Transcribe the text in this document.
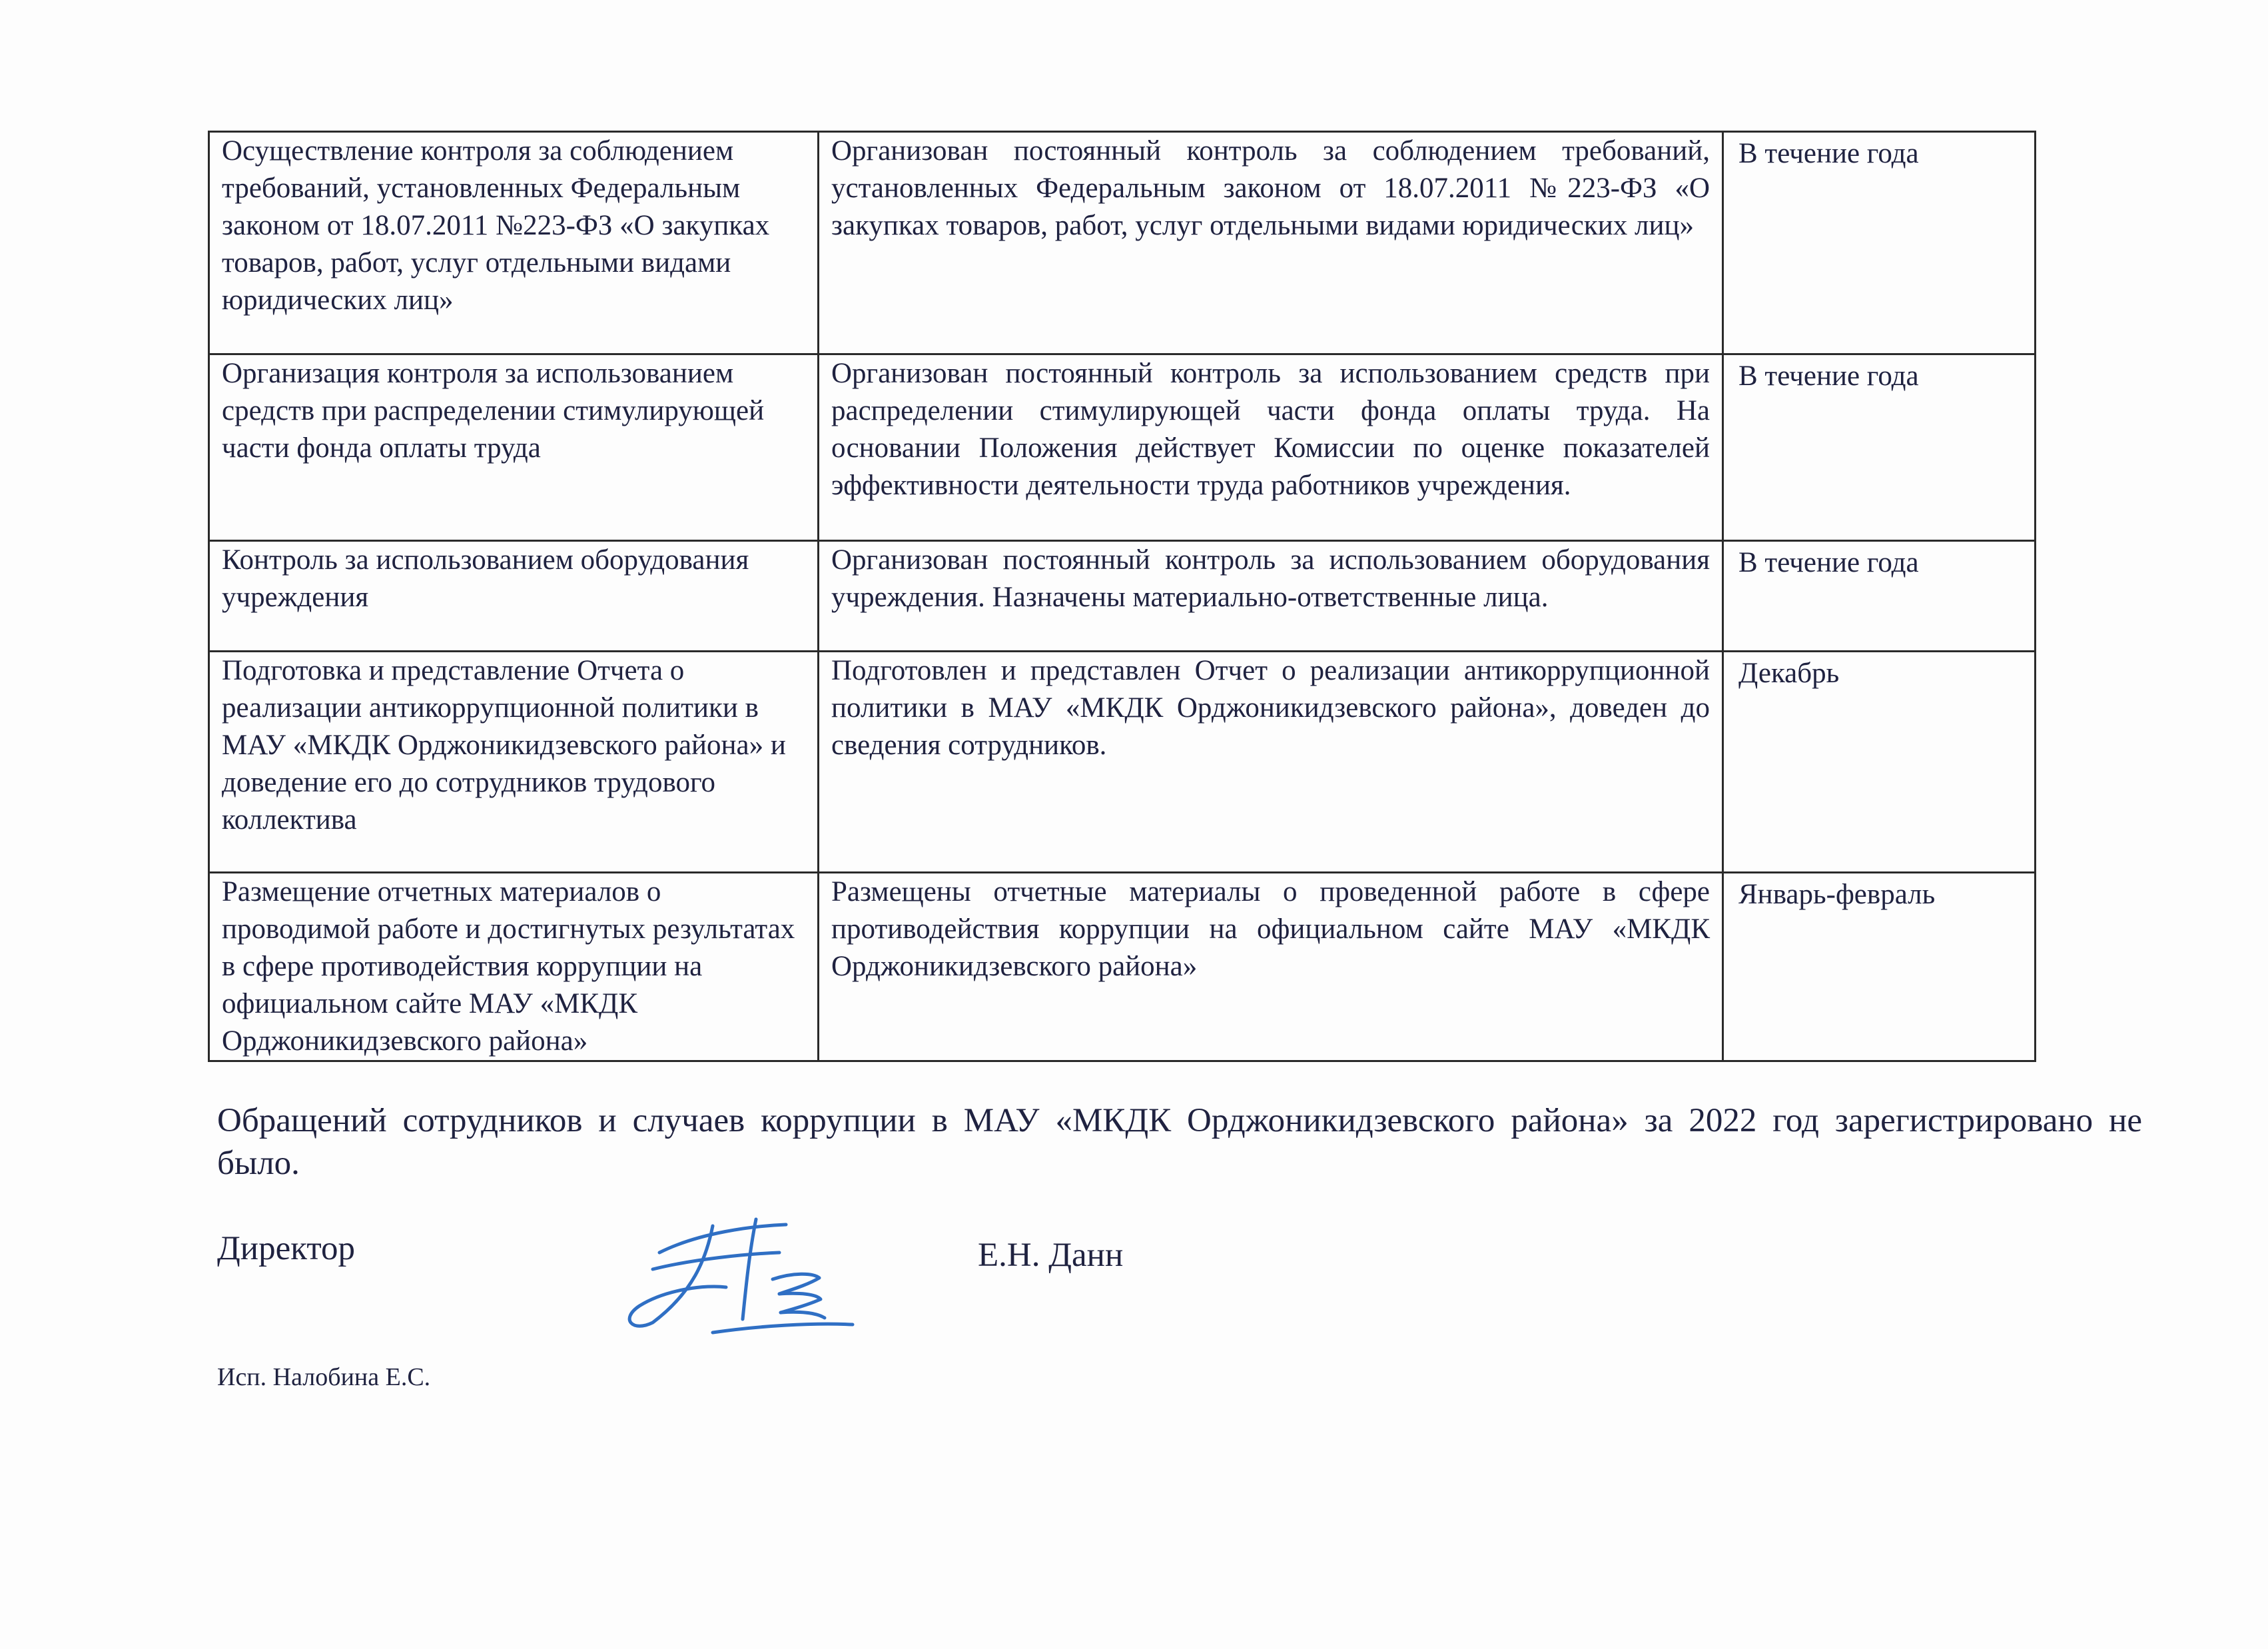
Осуществление контроля за соблюдением требований, установленных Федеральным законом от 18.07.2011 №223-ФЗ «О закупках товаров, работ, услуг отдельными видами юридических лиц»	Организован постоянный контроль за соблюдением требований, установленных Федеральным законом от 18.07.2011 №223-ФЗ «О закупках товаров, работ, услуг отдельными видами юридических лиц»	В течение года
Организация контроля за использованием средств при распределении стимулирующей части фонда оплаты труда	Организован постоянный контроль за использованием средств при распределении стимулирующей части фонда оплаты труда. На основании Положения действует Комиссии по оценке показателей эффективности деятельности труда работников учреждения.	В течение года
Контроль за использованием оборудования учреждения	Организован постоянный контроль за использованием оборудования учреждения. Назначены материально-ответственные лица.	В течение года
Подготовка и представление Отчета о реализации антикоррупционной политики в МАУ «МКДК Орджоникидзевского района» и доведение его до сотрудников трудового коллектива	Подготовлен и представлен Отчет о реализации антикоррупционной политики в МАУ «МКДК Орджоникидзевского района», доведен до сведения сотрудников.	Декабрь
Размещение отчетных материалов о проводимой работе и достигнутых результатах в сфере противодействия коррупции на официальном сайте МАУ «МКДК Орджоникидзевского района»	Размещены отчетные материалы о проведенной работе в сфере противодействия коррупции на официальном сайте МАУ «МКДК Орджоникидзевского района»	Январь-февраль
Обращений сотрудников и случаев коррупции в МАУ «МКДК Орджоникидзевского района» за 2022 год зарегистрировано не было.
Директор	Е.Н. Данн
Исп. Налобина Е.С.
